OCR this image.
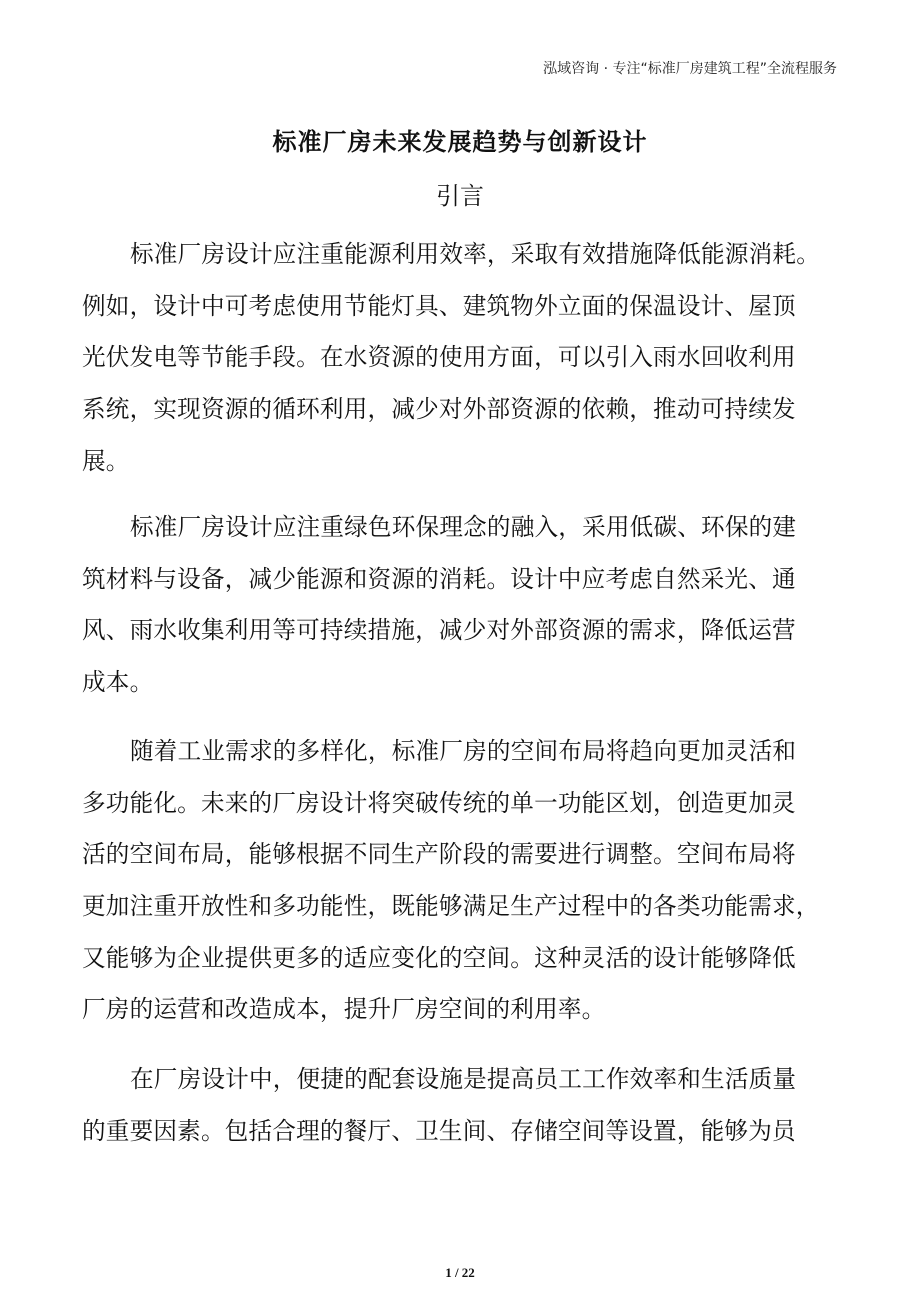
泓域咨询 · 专注“标准厂房建筑工程”全流程服务
标准厂房未来发展趋势与创新设计
引言
标准厂房设计应注重能源利用效率，采取有效措施降低能源消耗。
例如，设计中可考虑使用节能灯具、建筑物外立面的保温设计、屋顶
光伏发电等节能手段。在水资源的使用方面，可以引入雨水回收利用
系统，实现资源的循环利用，减少对外部资源的依赖，推动可持续发
展。
标准厂房设计应注重绿色环保理念的融入，采用低碳、环保的建
筑材料与设备，减少能源和资源的消耗。设计中应考虑自然采光、通
风、雨水收集利用等可持续措施，减少对外部资源的需求，降低运营
成本。
随着工业需求的多样化，标准厂房的空间布局将趋向更加灵活和
多功能化。未来的厂房设计将突破传统的单一功能区划，创造更加灵
活的空间布局，能够根据不同生产阶段的需要进行调整。空间布局将
更加注重开放性和多功能性，既能够满足生产过程中的各类功能需求，
又能够为企业提供更多的适应变化的空间。这种灵活的设计能够降低
厂房的运营和改造成本，提升厂房空间的利用率。
在厂房设计中，便捷的配套设施是提高员工工作效率和生活质量
的重要因素。包括合理的餐厅、卫生间、存储空间等设置，能够为员
1 / 22
